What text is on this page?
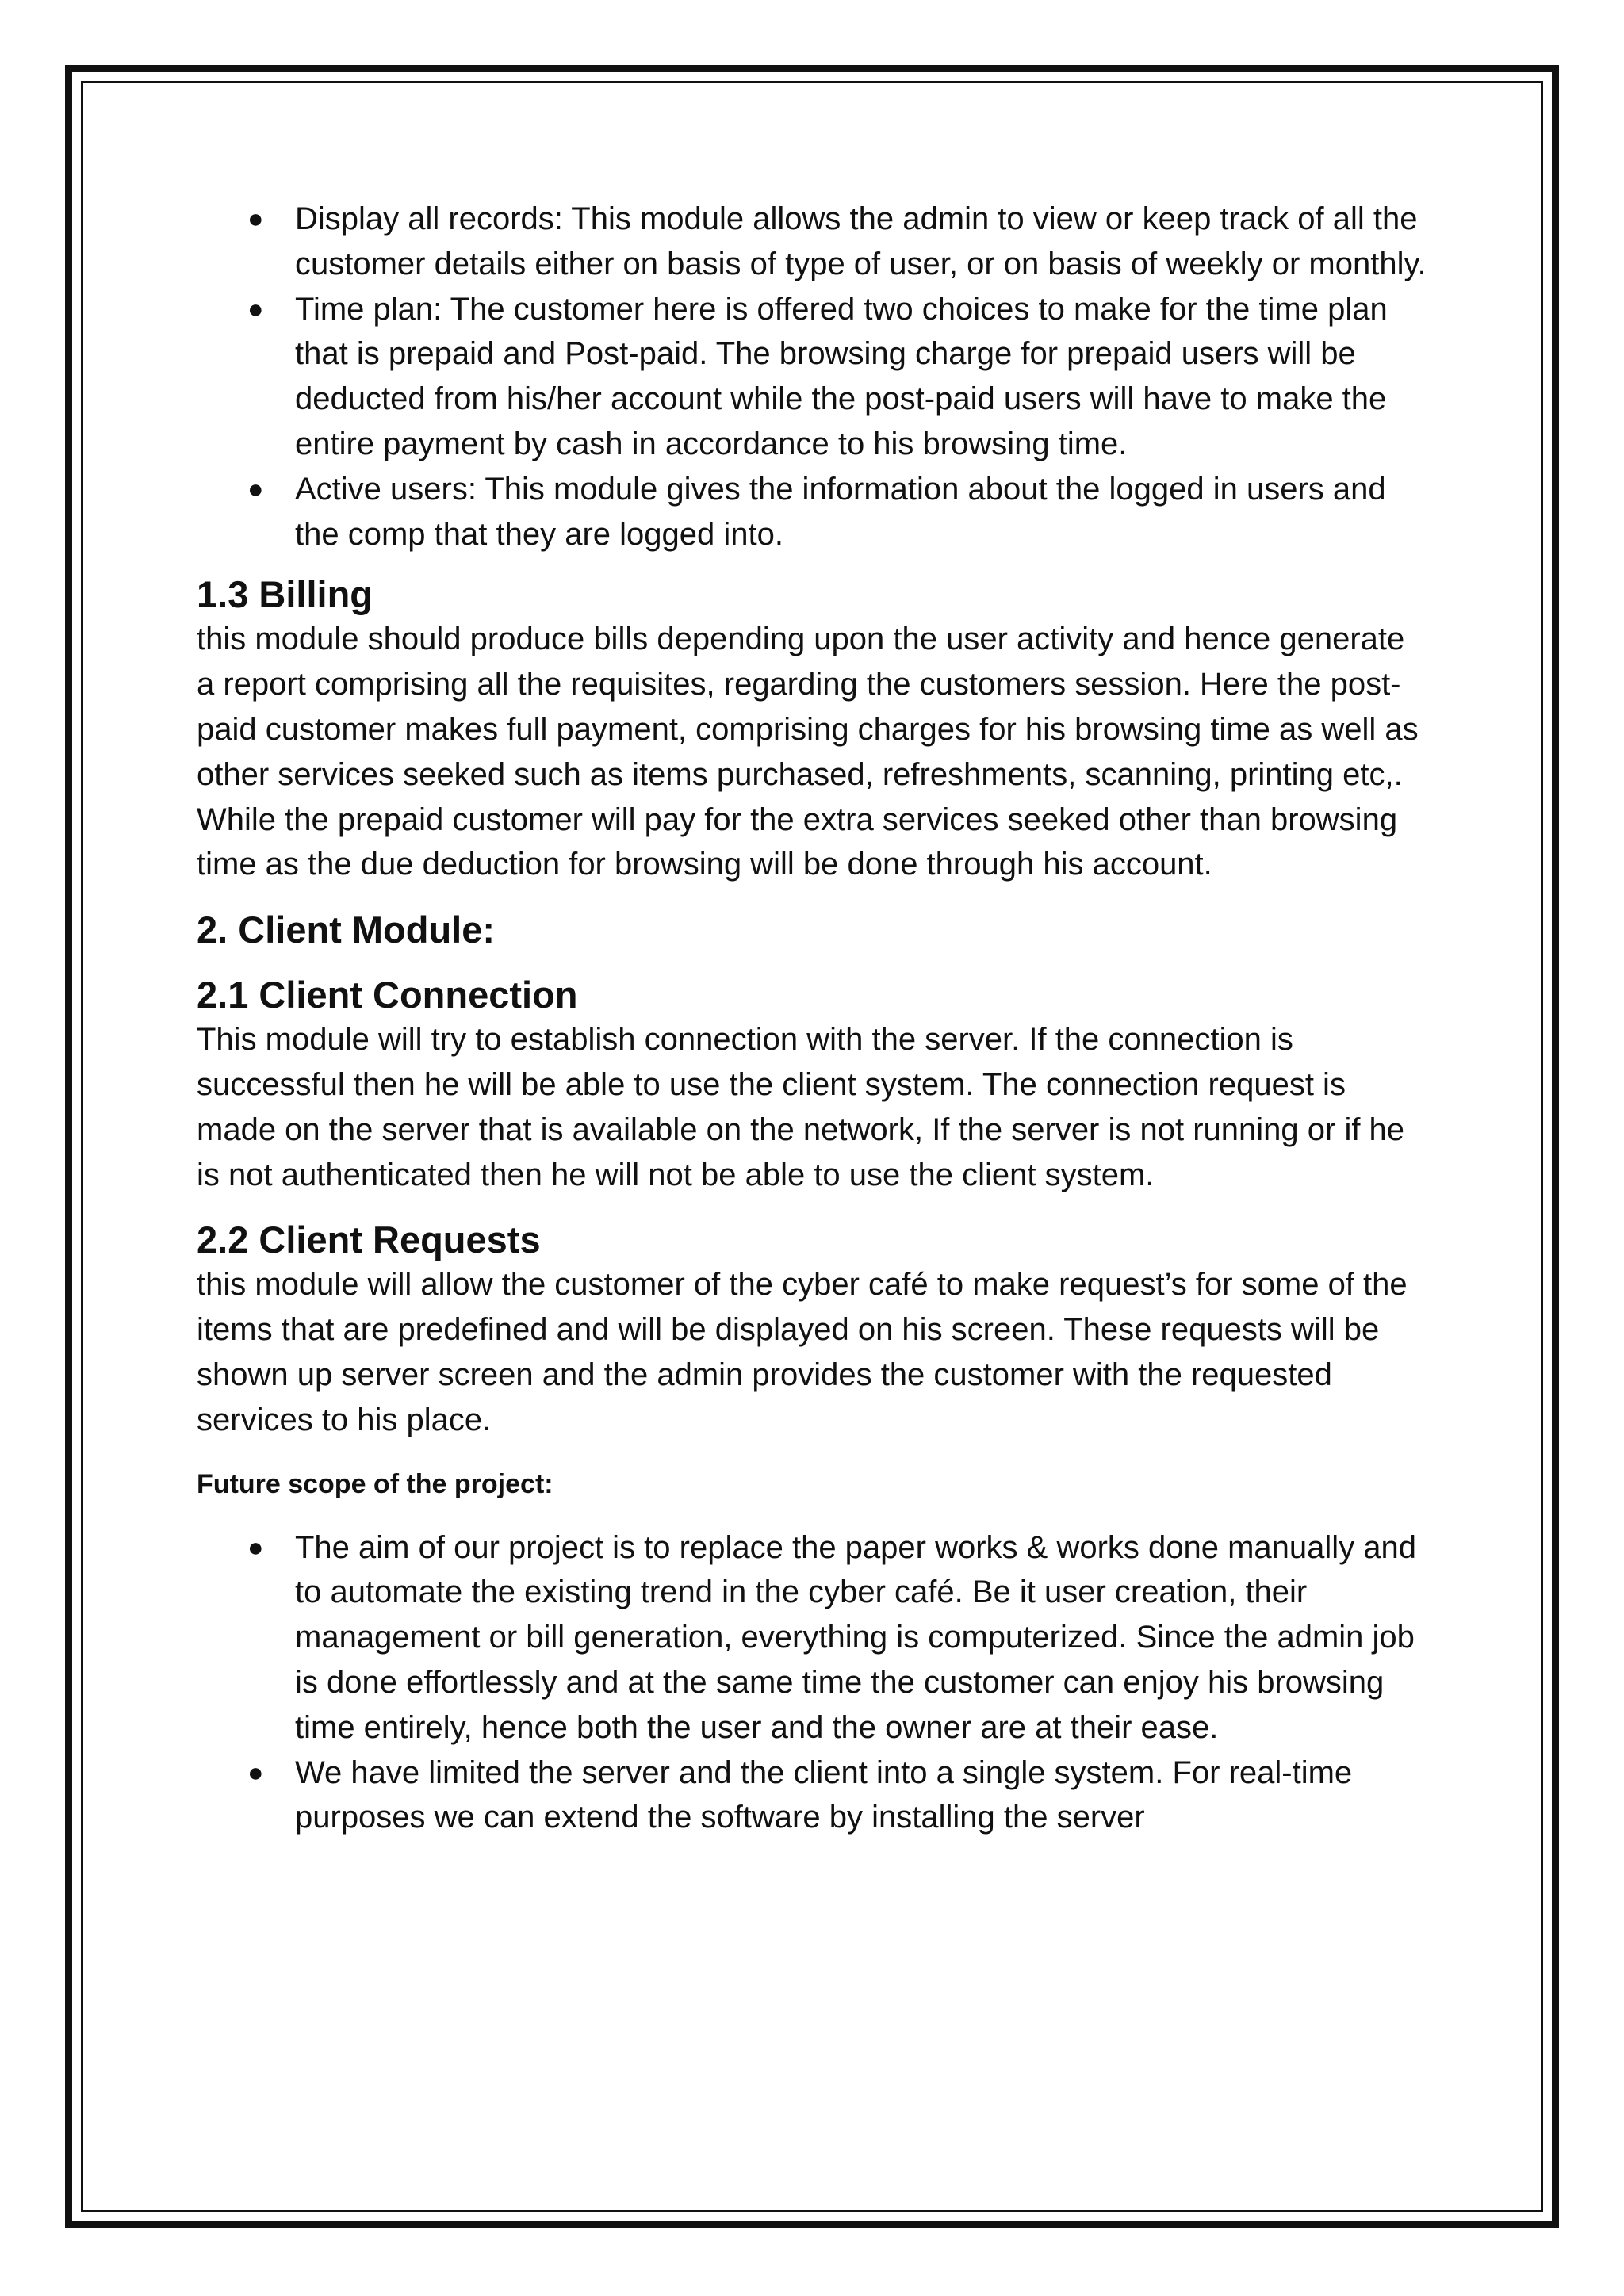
● Display all records: This module allows the admin to view or keep track of all the customer details either on basis of type of user, or on basis of weekly or monthly.
● Time plan: The customer here is offered two choices to make for the time plan that is prepaid and Post-paid. The browsing charge for prepaid users will be deducted from his/her account while the post-paid users will have to make the entire payment by cash in accordance to his browsing time.
● Active users: This module gives the information about the logged in users and the comp that they are logged into.
1.3 Billing

this module should produce bills depending upon the user activity and hence generate a report comprising all the requisites, regarding the customers session. Here the post-paid customer makes full payment, comprising charges for his browsing time as well as other services seeked such as items purchased, refreshments, scanning, printing etc,. While the prepaid customer will pay for the extra services seeked other than browsing time as the due deduction for browsing will be done through his account.

2. Client Module:
2.1 Client Connection

This module will try to establish connection with the server. If the connection is successful then he will be able to use the client system. The connection request is made on the server that is available on the network, If the server is not running or if he is not authenticated then he will not be able to use the client system.

2.2 Client Requests

this module will allow the customer of the cyber café to make request’s for some of the items that are predefined and will be displayed on his screen. These requests will be shown up server screen and the admin provides the customer with the requested services to his place.

Future scope of the project:
● The aim of our project is to replace the paper works & works done manually and to automate the existing trend in the cyber café. Be it user creation, their management or bill generation, everything is computerized. Since the admin job is done effortlessly and at the same time the customer can enjoy his browsing time entirely, hence both the user and the owner are at their ease.
● We have limited the server and the client into a single system. For real-time purposes we can extend the software by installing the server
